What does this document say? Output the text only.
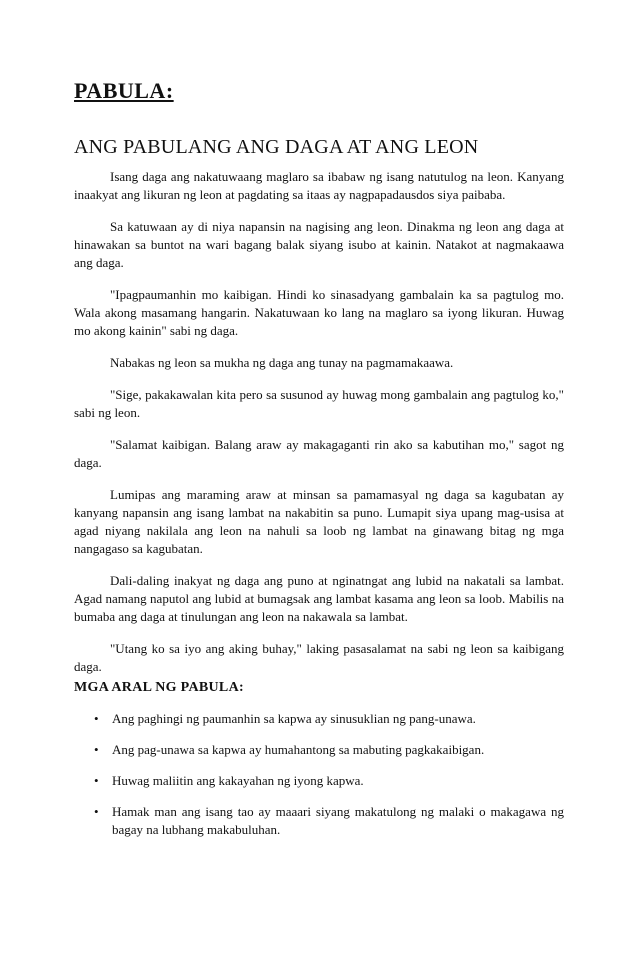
PABULA:
ANG PABULANG ANG DAGA AT ANG LEON

Isang daga ang nakatuwaang maglaro sa ibabaw ng isang natutulog na leon. Kanyang inaakyat ang likuran ng leon at pagdating sa itaas ay nagpapadausdos siya paibaba.

Sa katuwaan ay di niya napansin na nagising ang leon. Dinakma ng leon ang daga at hinawakan sa buntot na wari bagang balak siyang isubo at kainin. Natakot at nagmakaawa ang daga.

"Ipagpaumanhin mo kaibigan. Hindi ko sinasadyang gambalain ka sa pagtulog mo. Wala akong masamang hangarin. Nakatuwaan ko lang na maglaro sa iyong likuran. Huwag mo akong kainin" sabi ng daga.

Nabakas ng leon sa mukha ng daga ang tunay na pagmamakaawa.

"Sige, pakakawalan kita pero sa susunod ay huwag mong gambalain ang pagtulog ko," sabi ng leon.

"Salamat kaibigan. Balang araw ay makagaganti rin ako sa kabutihan mo," sagot ng daga.

Lumipas ang maraming araw at minsan sa pamamasyal ng daga sa kagubatan ay kanyang napansin ang isang lambat na nakabitin sa puno. Lumapit siya upang mag-usisa at agad niyang nakilala ang leon na nahuli sa loob ng lambat na ginawang bitag ng mga nangagaso sa kagubatan.

Dali-daling inakyat ng daga ang puno at nginatngat ang lubid na nakatali sa lambat. Agad namang naputol ang lubid at bumagsak ang lambat kasama ang leon sa loob. Mabilis na bumaba ang daga at tinulungan ang leon na nakawala sa lambat.

"Utang ko sa iyo ang aking buhay," laking pasasalamat na sabi ng leon sa kaibigang daga.

MGA ARAL NG PABULA:
• Ang paghingi ng paumanhin sa kapwa ay sinusuklian ng pang-unawa.
• Ang pag-unawa sa kapwa ay humahantong sa mabuting pagkakaibigan.
• Huwag maliitin ang kakayahan ng iyong kapwa.
• Hamak man ang isang tao ay maaari siyang makatulong ng malaki o makagawa ng bagay na lubhang makabuluhan.
